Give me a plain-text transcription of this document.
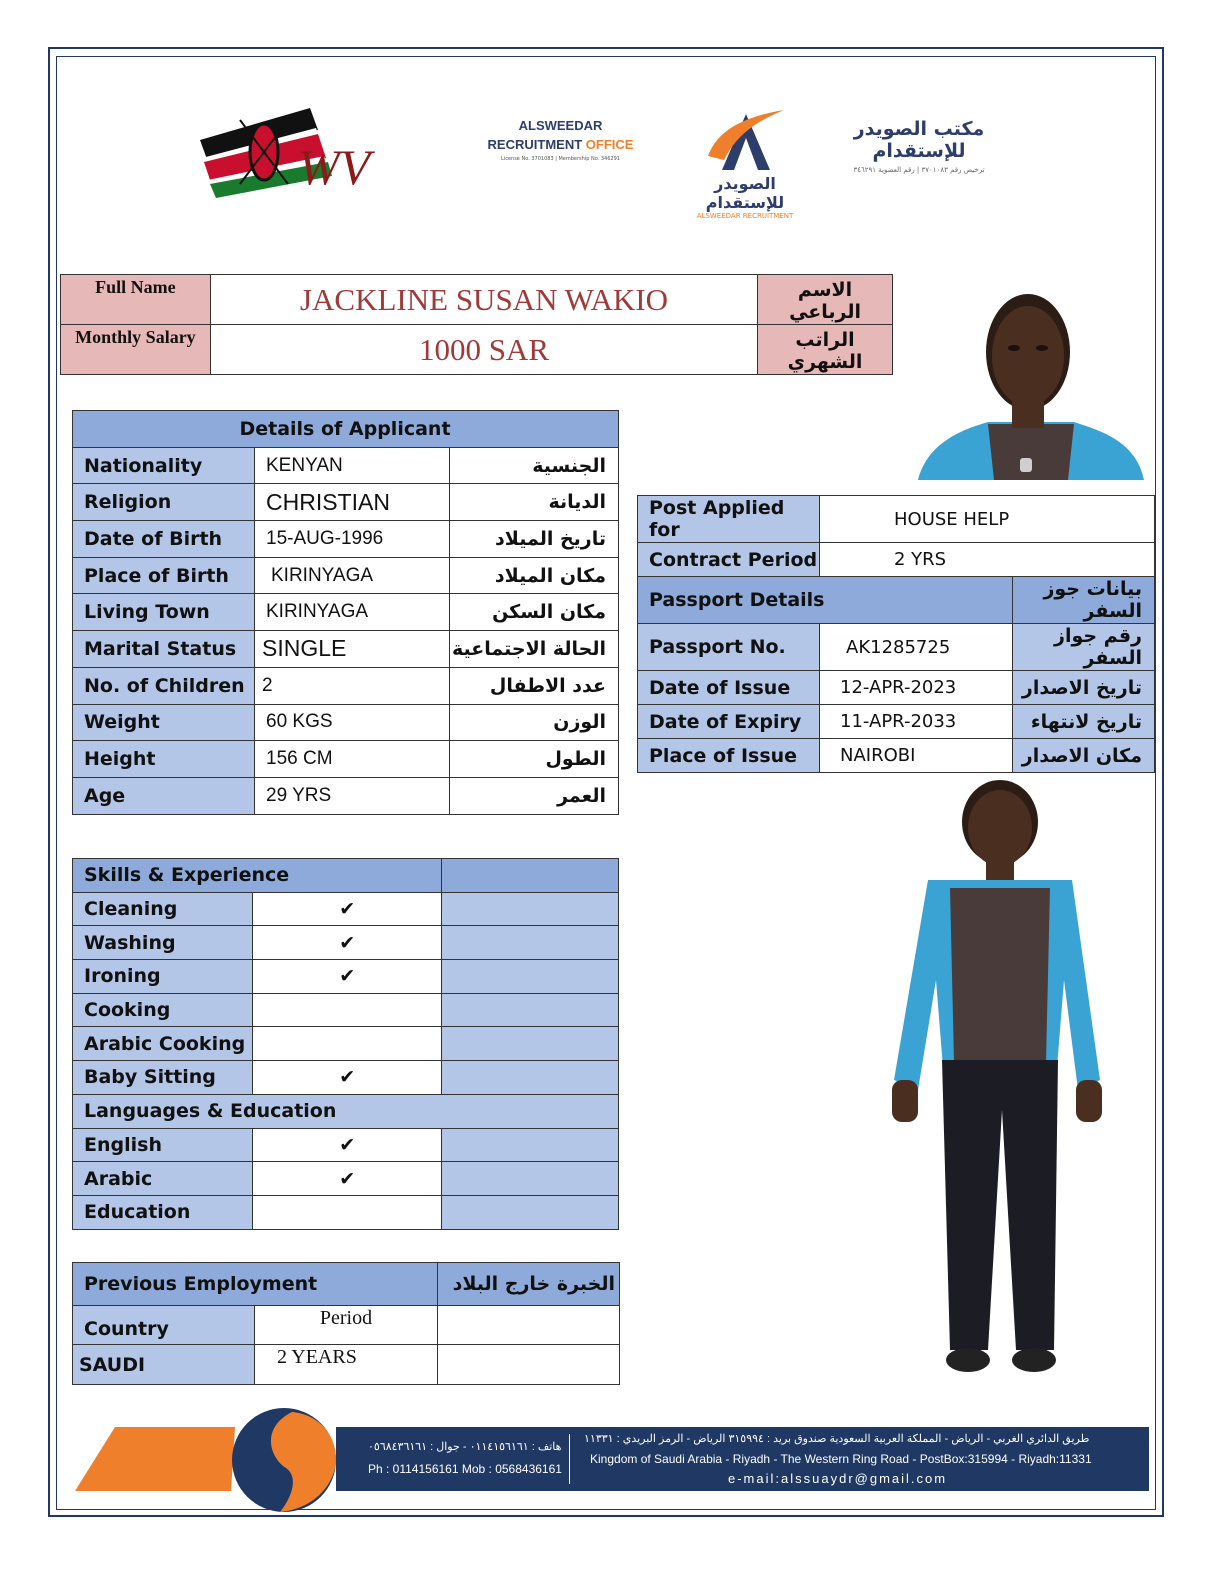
WV
ALSWEEDAR
RECRUITMENT OFFICE
License No. 3701083 | Membership No. 346291
الصويدر للإستقدام
ALSWEEDAR RECRUITMENT
مكتب الصويدر للإستقدام
ترخيص رقم ٣٧٠١٠٨٣ | رقم العضوية ٣٤٦٢٩١
Full Name	JACKLINE SUSAN WAKIO	الاسم الرباعي
Monthly Salary	1000 SAR	الراتب الشهري
Details of Applicant		
Nationality	KENYAN	الجنسية
Religion	CHRISTIAN	الديانة
Date of Birth	15-AUG-1996	تاريخ الميلاد
Place of Birth	KIRINYAGA	مكان الميلاد
Living Town	KIRINYAGA	مكان السكن
Marital Status	SINGLE	الحالة الاجتماعية
No. of Children	2	عدد الاطفال
Weight	60 KGS	الوزن
Height	156 CM	الطول
Age	29 YRS	العمر
Post Applied for	HOUSE HELP	
Contract Period	2 YRS	
Passport Details		بيانات جوز السفر
Passport No.	AK1285725	رقم جواز السفر
Date of Issue	12-APR-2023	تاريخ الاصدار
Date of Expiry	11-APR-2033	تاريخ لانتهاء
Place of Issue	NAIROBI	مكان الاصدار
Skills & Experience		
Cleaning	✔	
Washing	✔	
Ironing	✔	
Cooking		
Arabic Cooking		
Baby Sitting	✔	
Languages & Education		
English	✔	
Arabic	✔	
Education		
Previous Employment		الخبرة خارج البلاد
Country	Period	
SAUDI	2 YEARS	
هاتف : ٠١١٤١٥٦١٦١ - جوال : ٠٥٦٨٤٣٦١٦١
Ph : 0114156161 Mob : 0568436161
طريق الدائري الغربي - الرياض - المملكة العربية السعودية صندوق بريد : ٣١٥٩٩٤ الرياض - الرمز البريدي : ١١٣٣١
Kingdom of Saudi Arabia - Riyadh - The Western Ring Road - PostBox:315994 - Riyadh:11331
e-mail:alssuaydr@gmail.com
